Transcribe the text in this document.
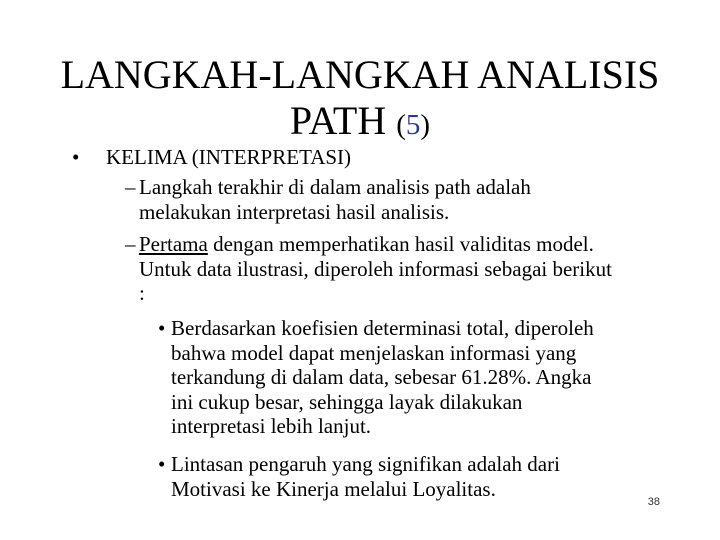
LANGKAH-LANGKAH ANALISIS
PATH (5)
• KELIMA (INTERPRETASI)
– Langkah terakhir di dalam analisis path adalah
melakukan interpretasi hasil analisis.
– Pertama dengan memperhatikan hasil validitas model.
Untuk data ilustrasi, diperoleh informasi sebagai berikut
:
• Berdasarkan koefisien determinasi total, diperoleh
bahwa model dapat menjelaskan informasi yang
terkandung di dalam data, sebesar 61.28%. Angka
ini cukup besar, sehingga layak dilakukan
interpretasi lebih lanjut.
• Lintasan pengaruh yang signifikan adalah dari
Motivasi ke Kinerja melalui Loyalitas.
38
